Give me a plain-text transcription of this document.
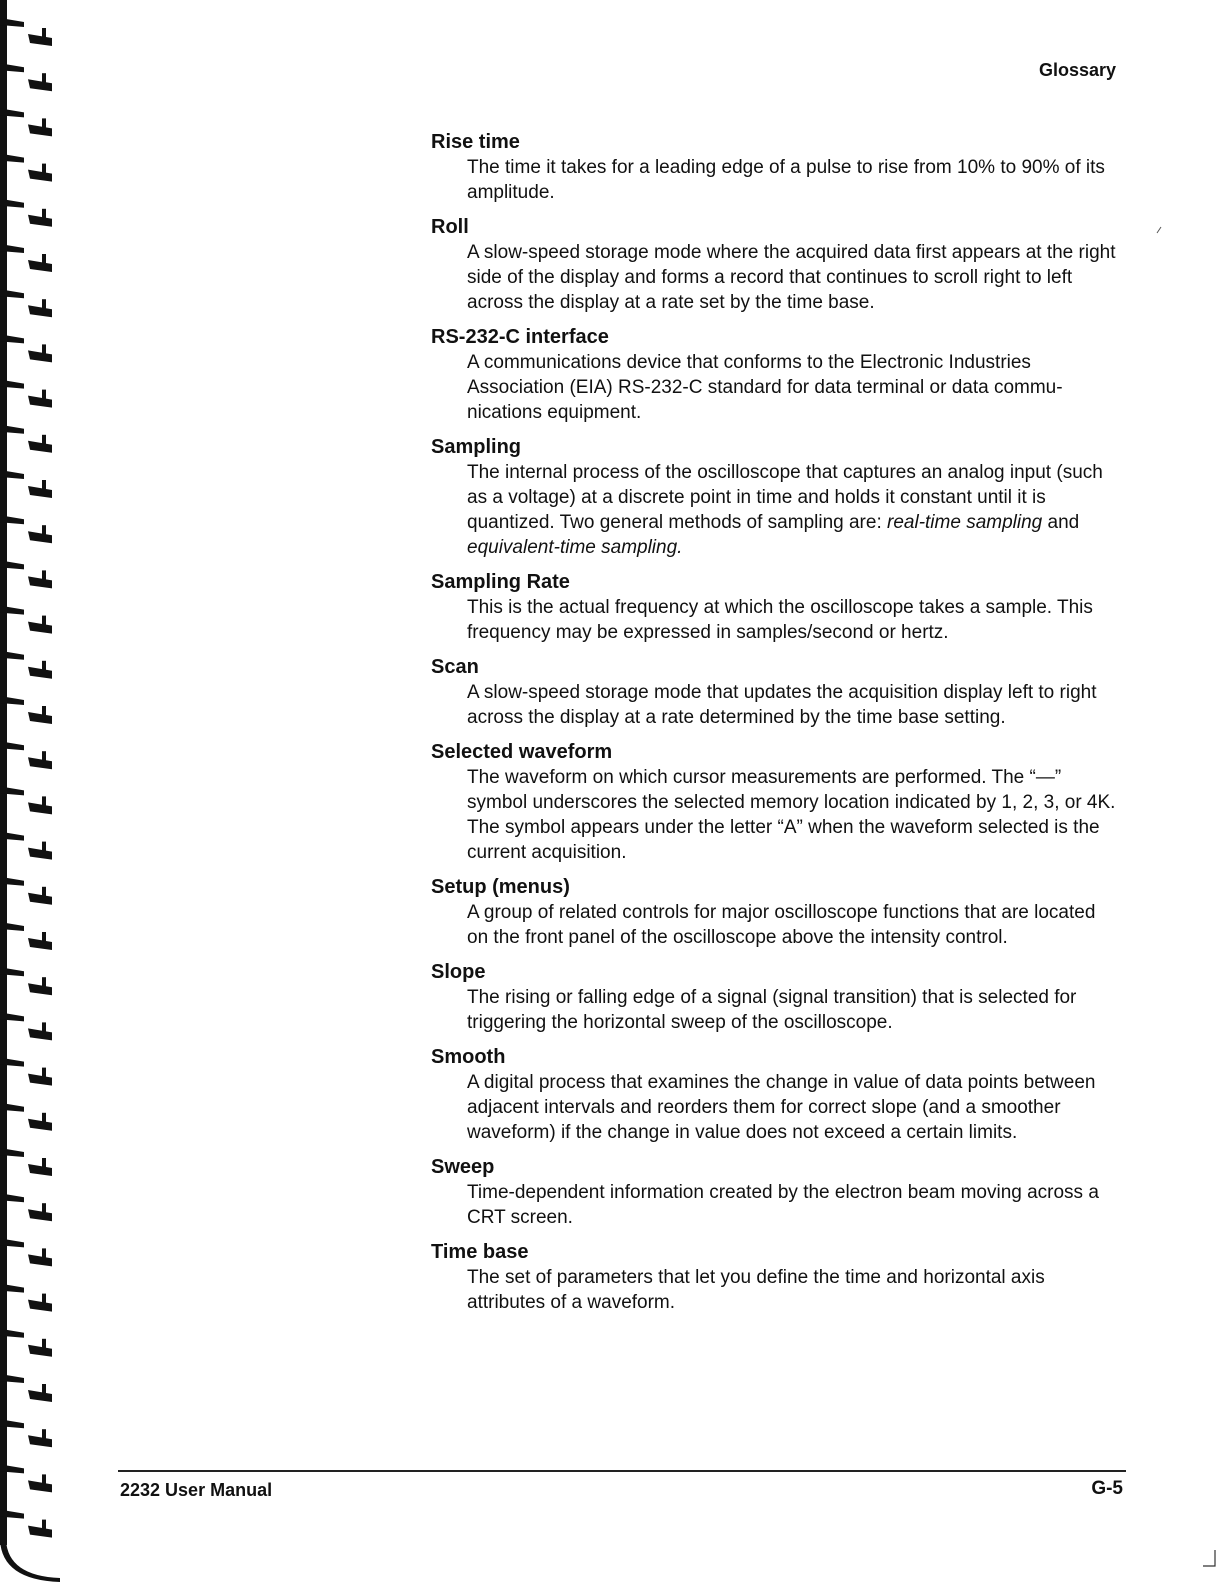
Glossary
Rise time
The time it takes for a leading edge of a pulse to rise from 10% to 90% of its amplitude.
Roll
A slow-speed storage mode where the acquired data first appears at the right side of the display and forms a record that continues to scroll right to left across the display at a rate set by the time base.
RS-232-C interface
A communications device that conforms to the Electronic Industries Association (EIA) RS-232-C standard for data terminal or data commu-nications equipment.
Sampling
The internal process of the oscilloscope that captures an analog input (such as a voltage) at a discrete point in time and holds it constant until it is quantized. Two general methods of sampling are: real-time sampling and equivalent-time sampling.
Sampling Rate
This is the actual frequency at which the oscilloscope takes a sample. This frequency may be expressed in samples/second or hertz.
Scan
A slow-speed storage mode that updates the acquisition display left to right across the display at a rate determined by the time base setting.
Selected waveform
The waveform on which cursor measurements are performed. The “—” symbol underscores the selected memory location indicated by 1, 2, 3, or 4K. The symbol appears under the letter “A” when the waveform selected is the current acquisition.
Setup (menus)
A group of related controls for major oscilloscope functions that are located on the front panel of the oscilloscope above the intensity control.
Slope
The rising or falling edge of a signal (signal transition) that is selected for triggering the horizontal sweep of the oscilloscope.
Smooth
A digital process that examines the change in value of data points between adjacent intervals and reorders them for correct slope (and a smoother waveform) if the change in value does not exceed a certain limits.
Sweep
Time-dependent information created by the electron beam moving across a CRT screen.
Time base
The set of parameters that let you define the time and horizontal axis attributes of a waveform.
2232 User Manual	G-5
